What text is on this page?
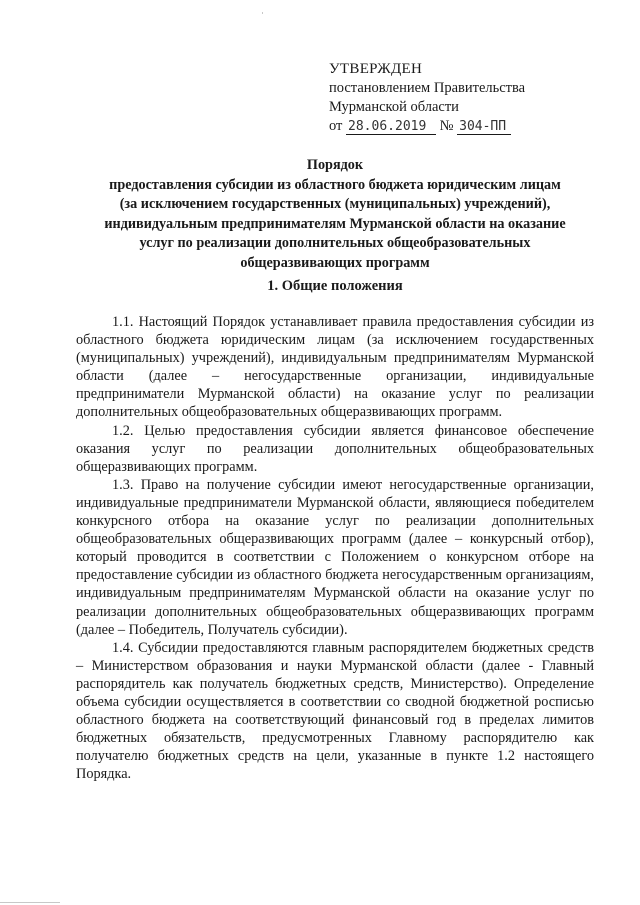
УТВЕРЖДЕН
постановлением Правительства
Мурманской области
от 28.06.2019 № 304-ПП
Порядок
предоставления субсидии из областного бюджета юридическим лицам
(за исключением государственных (муниципальных) учреждений),
индивидуальным предпринимателям Мурманской области на оказание
услуг по реализации дополнительных общеобразовательных
общеразвивающих программ
1. Общие положения

1.1. Настоящий Порядок устанавливает правила предоставления субсидии из областного бюджета юридическим лицам (за исключением государственных (муниципальных) учреждений), индивидуальным предпринимателям Мурманской области (далее – негосударственные организации, индивидуальные предприниматели Мурманской области) на оказание услуг по реализации дополнительных общеобразовательных общеразвивающих программ.

1.2. Целью предоставления субсидии является финансовое обеспечение оказания услуг по реализации дополнительных общеобразовательных общеразвивающих программ.

1.3. Право на получение субсидии имеют негосударственные организации, индивидуальные предприниматели Мурманской области, являющиеся победителем конкурсного отбора на оказание услуг по реализации дополнительных общеобразовательных общеразвивающих программ (далее – конкурсный отбор), который проводится в соответствии с Положением о конкурсном отборе на предоставление субсидии из областного бюджета негосударственным организациям, индивидуальным предпринимателям Мурманской области на оказание услуг по реализации дополнительных общеобразовательных общеразвивающих программ (далее – Победитель, Получатель субсидии).

1.4. Субсидии предоставляются главным распорядителем бюджетных средств – Министерством образования и науки Мурманской области (далее - Главный распорядитель как получатель бюджетных средств, Министерство). Определение объема субсидии осуществляется в соответствии со сводной бюджетной росписью областного бюджета на соответствующий финансовый год в пределах лимитов бюджетных обязательств, предусмотренных Главному распорядителю как получателю бюджетных средств на цели, указанные в пункте 1.2 настоящего Порядка.
